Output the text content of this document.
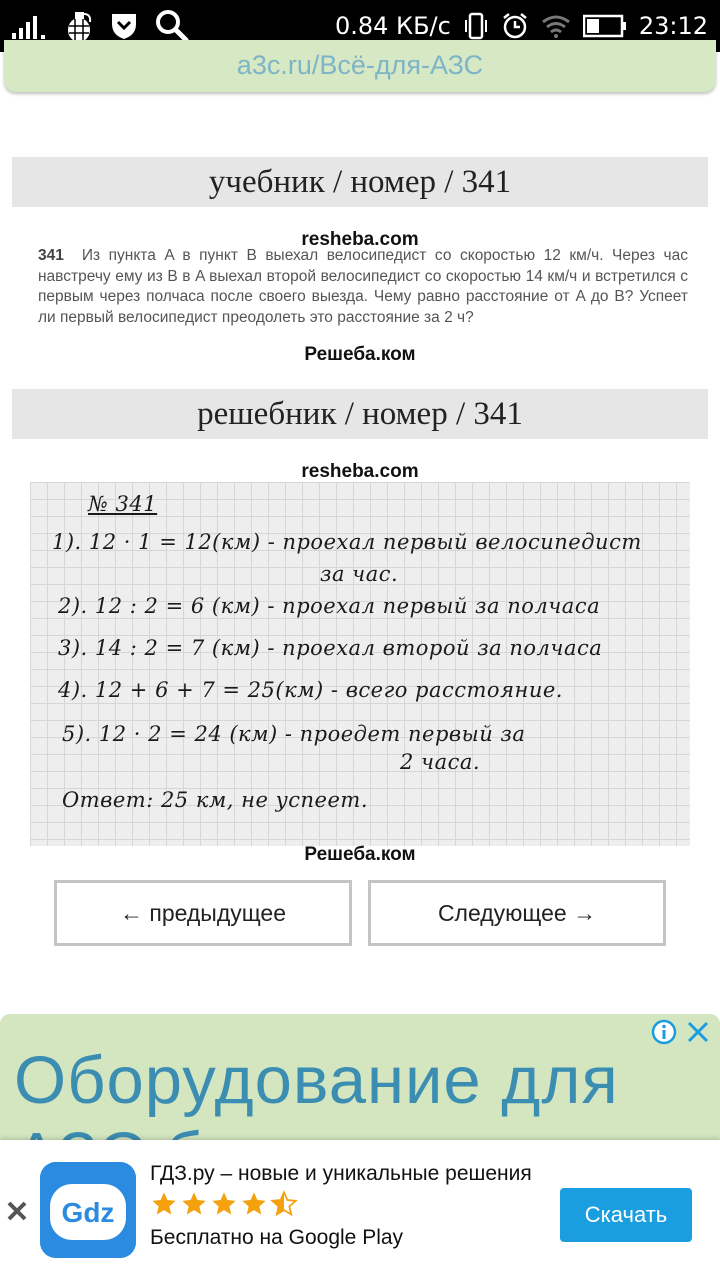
0.84 КБ/с	23:12
a3c.ru/Всё-для-АЗС
учебник / номер / 341
resheba.com
341 Из пункта A в пункт B выехал велосипедист со скоростью 12 км/ч. Через час навстречу ему из B в A выехал второй велосипедист со скоростью 14 км/ч и встретился с первым через полчаса после своего выезда. Чему равно расстояние от A до B? Успеет ли первый велосипедист преодолеть это расстояние за 2 ч?
Решеба.ком
решебник / номер / 341
resheba.com
№ 341
1). 12 · 1 = 12(км) - проехал первый велосипедист
за час.
2). 12 : 2 = 6 (км) - проехал первый за полчаса
3). 14 : 2 = 7 (км) - проехал второй за полчаса
4). 12 + 6 + 7 = 25(км) - всего расстояние.
5). 12 · 2 = 24 (км) - проедет первый за
2 часа.
Ответ: 25 км, не успеет.
Решеба.ком
← предыдущее	Следующее →
Оборудование для
Gdz
ГДЗ.ру – новые и уникальные решения
Бесплатно на Google Play
Скачать
